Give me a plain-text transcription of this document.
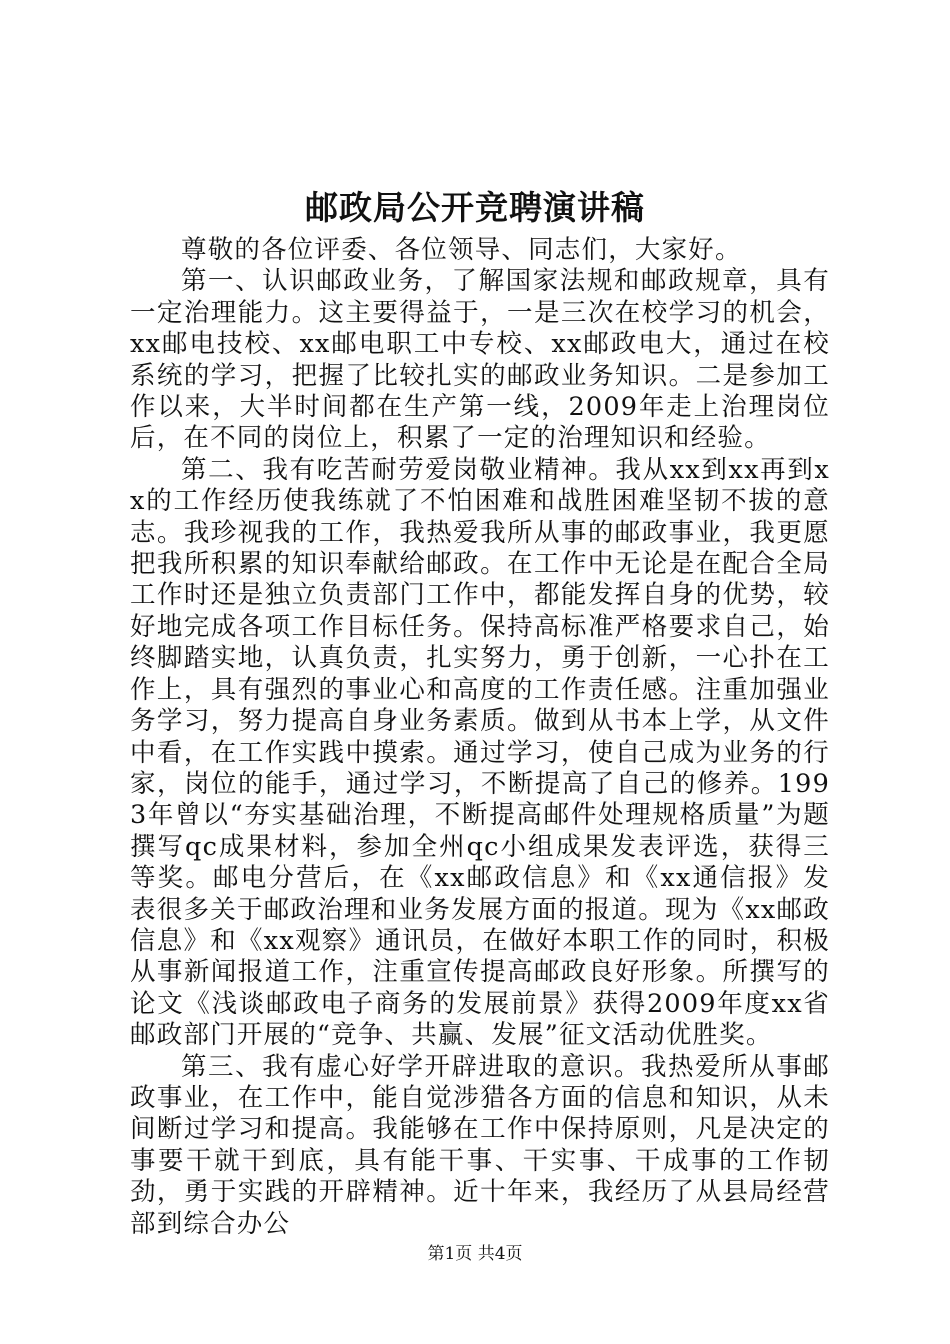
邮政局公开竞聘演讲稿

尊敬的各位评委、各位领导、同志们，大家好。

第一、认识邮政业务，了解国家法规和邮政规章，具有一定治理能力。这主要得益于，一是三次在校学习的机会，xx邮电技校、xx邮电职工中专校、xx邮政电大，通过在校系统的学习，把握了比较扎实的邮政业务知识。二是参加工作以来，大半时间都在生产第一线，2009年走上治理岗位后，在不同的岗位上，积累了一定的治理知识和经验。

第二、我有吃苦耐劳爱岗敬业精神。我从xx到xx再到xx的工作经历使我练就了不怕困难和战胜困难坚韧不拔的意志。我珍视我的工作，我热爱我所从事的邮政事业，我更愿把我所积累的知识奉献给邮政。在工作中无论是在配合全局工作时还是独立负责部门工作中，都能发挥自身的优势，较好地完成各项工作目标任务。保持高标准严格要求自己，始终脚踏实地，认真负责，扎实努力，勇于创新，一心扑在工作上，具有强烈的事业心和高度的工作责任感。注重加强业务学习，努力提高自身业务素质。做到从书本上学，从文件中看，在工作实践中摸索。通过学习，使自己成为业务的行家，岗位的能手，通过学习，不断提高了自己的修养。1993年曾以“夯实基础治理，不断提高邮件处理规格质量”为题撰写qc成果材料，参加全州qc小组成果发表评选，获得三等奖。邮电分营后，在《xx邮政信息》和《xx通信报》发表很多关于邮政治理和业务发展方面的报道。现为《xx邮政信息》和《xx观察》通讯员，在做好本职工作的同时，积极从事新闻报道工作，注重宣传提高邮政良好形象。所撰写的论文《浅谈邮政电子商务的发展前景》获得2009年度xx省邮政部门开展的“竞争、共赢、发展”征文活动优胜奖。

第三、我有虚心好学开辟进取的意识。我热爱所从事邮政事业，在工作中，能自觉涉猎各方面的信息和知识，从未间断过学习和提高。我能够在工作中保持原则，凡是决定的事要干就干到底，具有能干事、干实事、干成事的工作韧劲，勇于实践的开辟精神。近十年来，我经历了从县局经营部到综合办公

第1页 共4页
